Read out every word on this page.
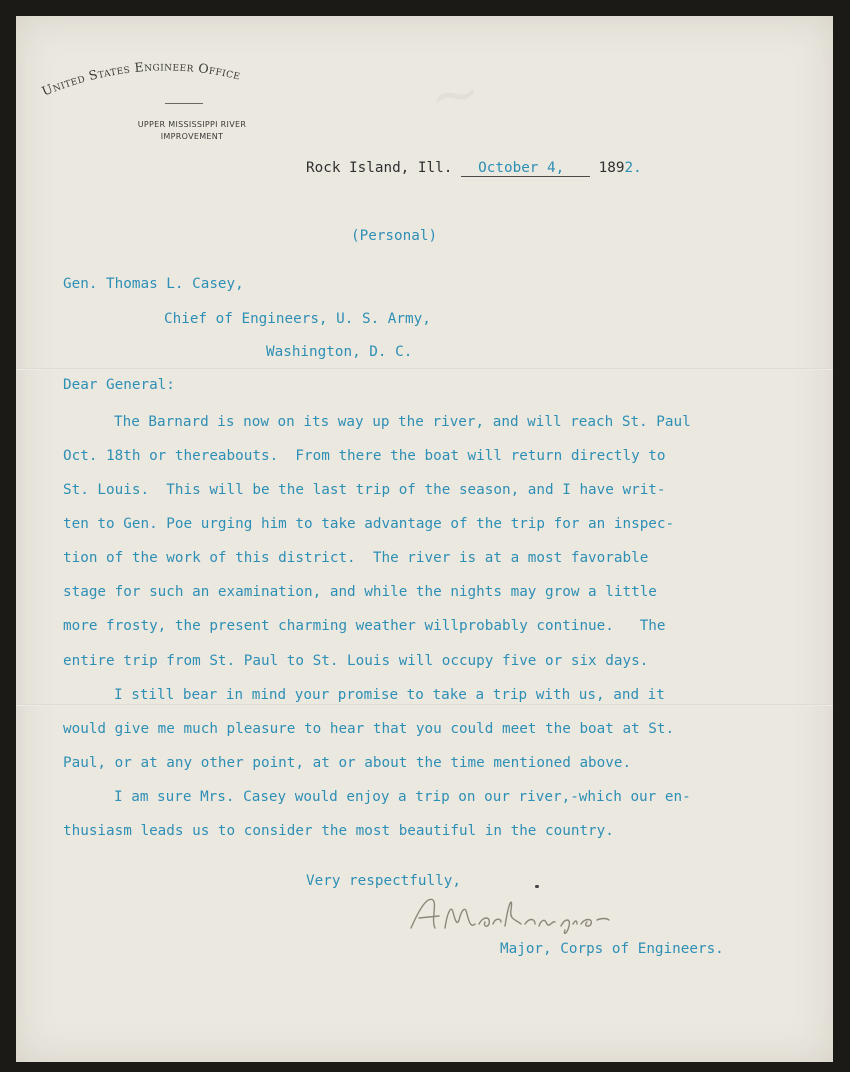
~
United States Engineer Office
UPPER MISSISSIPPI RIVER
IMPROVEMENT
Rock Island, Ill. October 4, 1892.
(Personal)
Gen. Thomas L. Casey,
Chief of Engineers, U. S. Army,
Washington, D. C.
Dear General:
The Barnard is now on its way up the river, and will reach St. Paul
Oct. 18th or thereabouts.  From there the boat will return directly to
St. Louis.  This will be the last trip of the season, and I have writ-
ten to Gen. Poe urging him to take advantage of the trip for an inspec-
tion of the work of this district.  The river is at a most favorable
stage for such an examination, and while the nights may grow a little
more frosty, the present charming weather willprobably continue.   The
entire trip from St. Paul to St. Louis will occupy five or six days.
I still bear in mind your promise to take a trip with us, and it
would give me much pleasure to hear that you could meet the boat at St.
Paul, or at any other point, at or about the time mentioned above.
I am sure Mrs. Casey would enjoy a trip on our river,-which our en-
thusiasm leads us to consider the most beautiful in the country.
Very respectfully,
Major, Corps of Engineers.
